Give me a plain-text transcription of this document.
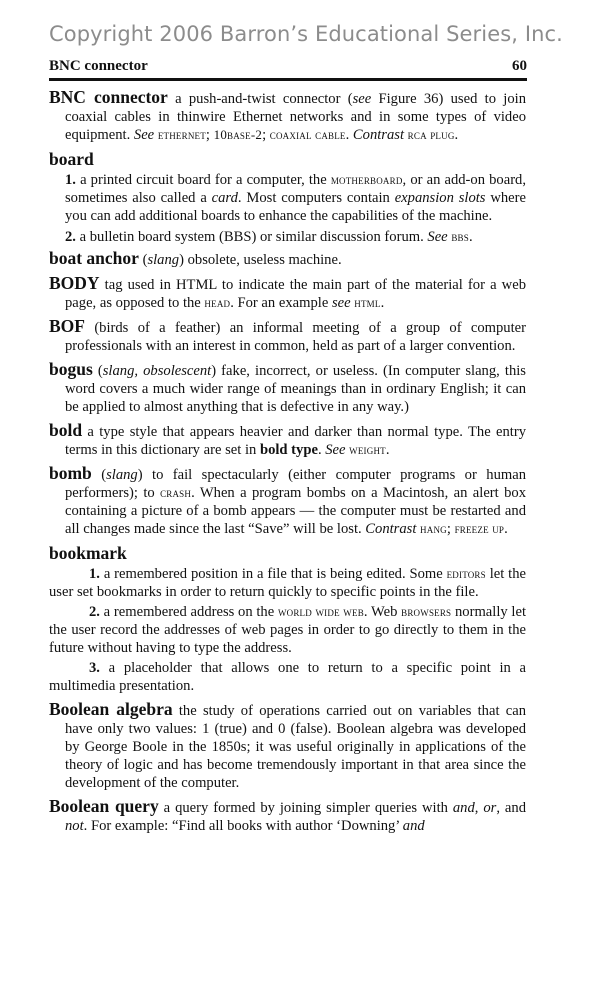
Copyright 2006 Barron’s Educational Series, Inc.
BNC connector	60

BNC connector a push-and-twist connector (see Figure 36) used to join coaxial cables in thinwire Ethernet networks and in some types of video equipment. See ethernet; 10base-2; coaxial cable. Contrast rca plug.

board

1. a printed circuit board for a computer, the motherboard, or an add-on board, sometimes also called a card. Most computers contain expansion slots where you can add additional boards to enhance the capabilities of the machine.

2. a bulletin board system (BBS) or similar discussion forum. See bbs.

boat anchor (slang) obsolete, useless machine.

BODY tag used in HTML to indicate the main part of the material for a web page, as opposed to the head. For an example see html.

BOF (birds of a feather) an informal meeting of a group of computer professionals with an interest in common, held as part of a larger convention.

bogus (slang, obsolescent) fake, incorrect, or useless. (In computer slang, this word covers a much wider range of meanings than in ordinary English; it can be applied to almost anything that is defective in any way.)

bold a type style that appears heavier and darker than normal type. The entry terms in this dictionary are set in bold type. See weight.

bomb (slang) to fail spectacularly (either computer programs or human performers); to crash. When a program bombs on a Macintosh, an alert box containing a picture of a bomb appears — the computer must be restarted and all changes made since the last “Save” will be lost. Contrast hang; freeze up.

bookmark

1. a remembered position in a file that is being edited. Some editors let the user set bookmarks in order to return quickly to specific points in the file.

2. a remembered address on the world wide web. Web browsers normally let the user record the addresses of web pages in order to go directly to them in the future without having to type the address.

3. a placeholder that allows one to return to a specific point in a multimedia presentation.

Boolean algebra the study of operations carried out on variables that can have only two values: 1 (true) and 0 (false). Boolean algebra was developed by George Boole in the 1850s; it was useful originally in applications of the theory of logic and has become tremendously important in that area since the development of the computer.

Boolean query a query formed by joining simpler queries with and, or, and not. For example: “Find all books with author ‘Downing’ and
